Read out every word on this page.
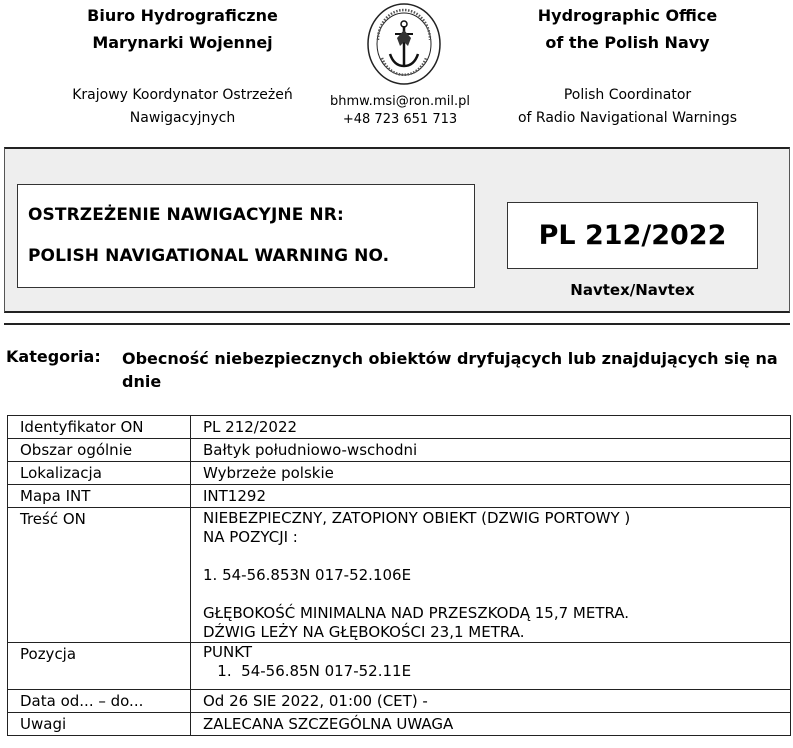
Biuro Hydrograficzne
Marynarki Wojennej
Hydrographic Office
of the Polish Navy
Krajowy Koordynator Ostrzeżeń
Nawigacyjnych
Polish Coordinator
of Radio Navigational Warnings
bhmw.msi@ron.mil.pl
+48 723 651 713
OSTRZEŻENIE NAWIGACYJNE NR:
POLISH NAVIGATIONAL WARNING NO.
PL 212/2022
Navtex/Navtex
Kategoria: Obecność niebezpiecznych obiektów dryfujących lub znajdujących się na dnie
Identyfikator ON	PL 212/2022
Obszar ogólnie	Bałtyk południowo-wschodni
Lokalizacja	Wybrzeże polskie
Mapa INT	INT1292
Treść ON	NIEBEZPIECZNY, ZATOPIONY OBIEKT (DZWIG PORTOWY )
NA POZYCJI :
1. 54-56.853N 017-52.106E
GŁĘBOKOŚĆ MINIMALNA NAD PRZESZKODĄ 15,7 METRA.
DŹWIG LEŻY NA GŁĘBOKOŚCI 23,1 METRA.

Pozycja	PUNKT
1.  54-56.85N 017-52.11E

Data od... – do...	Od 26 SIE 2022, 01:00 (CET) -
Uwagi	ZALECANA SZCZEGÓLNA UWAGA
